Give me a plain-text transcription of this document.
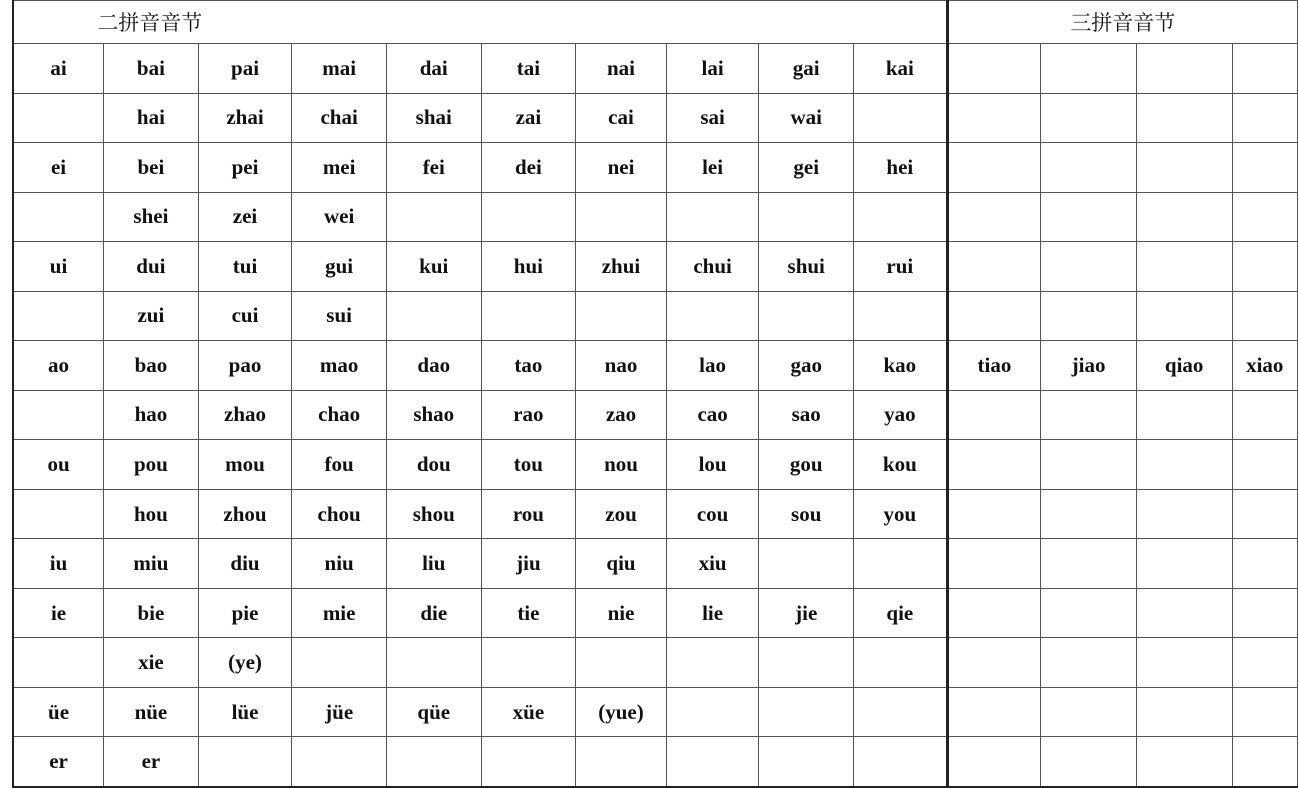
二拼音音节										三拼音音节			
ai	bai	pai	mai	dai	tai	nai	lai	gai	kai				
	hai	zhai	chai	shai	zai	cai	sai	wai					
ei	bei	pei	mei	fei	dei	nei	lei	gei	hei				
	shei	zei	wei										
ui	dui	tui	gui	kui	hui	zhui	chui	shui	rui				
	zui	cui	sui										
ao	bao	pao	mao	dao	tao	nao	lao	gao	kao	tiao	jiao	qiao	xiao
	hao	zhao	chao	shao	rao	zao	cao	sao	yao				
ou	pou	mou	fou	dou	tou	nou	lou	gou	kou				
	hou	zhou	chou	shou	rou	zou	cou	sou	you				
iu	miu	diu	niu	liu	jiu	qiu	xiu						
ie	bie	pie	mie	die	tie	nie	lie	jie	qie				
	xie	(ye)											
üe	nüe	lüe	jüe	qüe	xüe	(yue)							
er	er												
